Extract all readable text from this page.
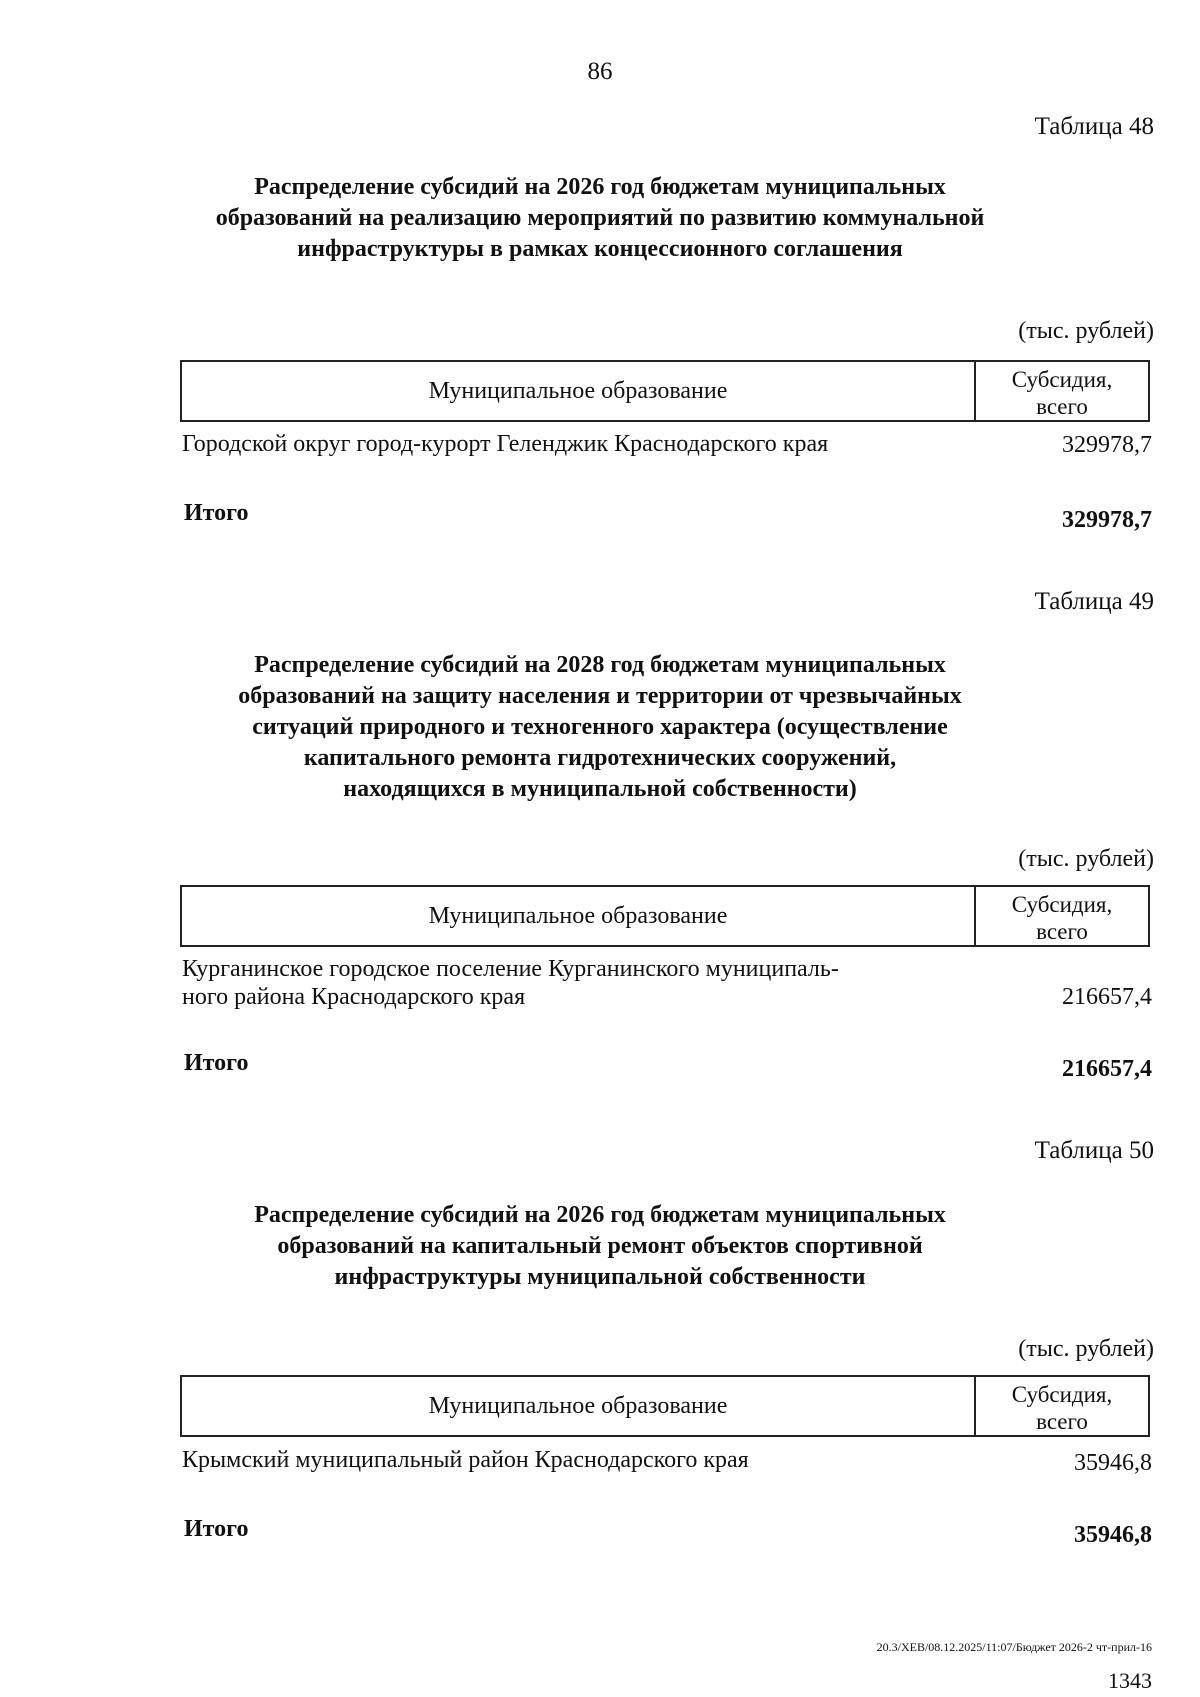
86
Таблица 48
Распределение субсидий на 2026 год бюджетам муниципальных
образований на реализацию мероприятий по развитию коммунальной
инфраструктуры в рамках концессионного соглашения
(тыс. рублей)
Муниципальное образование	Субсидия,
всего
Городской округ город-курорт Геленджик Краснодарского края	329978,7
Итого	329978,7
Таблица 49
Распределение субсидий на 2028 год бюджетам муниципальных
образований на защиту населения и территории от чрезвычайных
ситуаций природного и техногенного характера (осуществление
капитального ремонта гидротехнических сооружений,
находящихся в муниципальной собственности)
(тыс. рублей)
Муниципальное образование	Субсидия,
всего
Курганинское городское поселение Курганинского муниципаль-
ного района Краснодарского края	216657,4
Итого	216657,4
Таблица 50
Распределение субсидий на 2026 год бюджетам муниципальных
образований на капитальный ремонт объектов спортивной
инфраструктуры муниципальной собственности
(тыс. рублей)
Муниципальное образование	Субсидия,
всего
Крымский муниципальный район Краснодарского края	35946,8
Итого	35946,8
20.3/ХЕВ/08.12.2025/11:07/Бюджет 2026-2 чт-прил-16
1343
